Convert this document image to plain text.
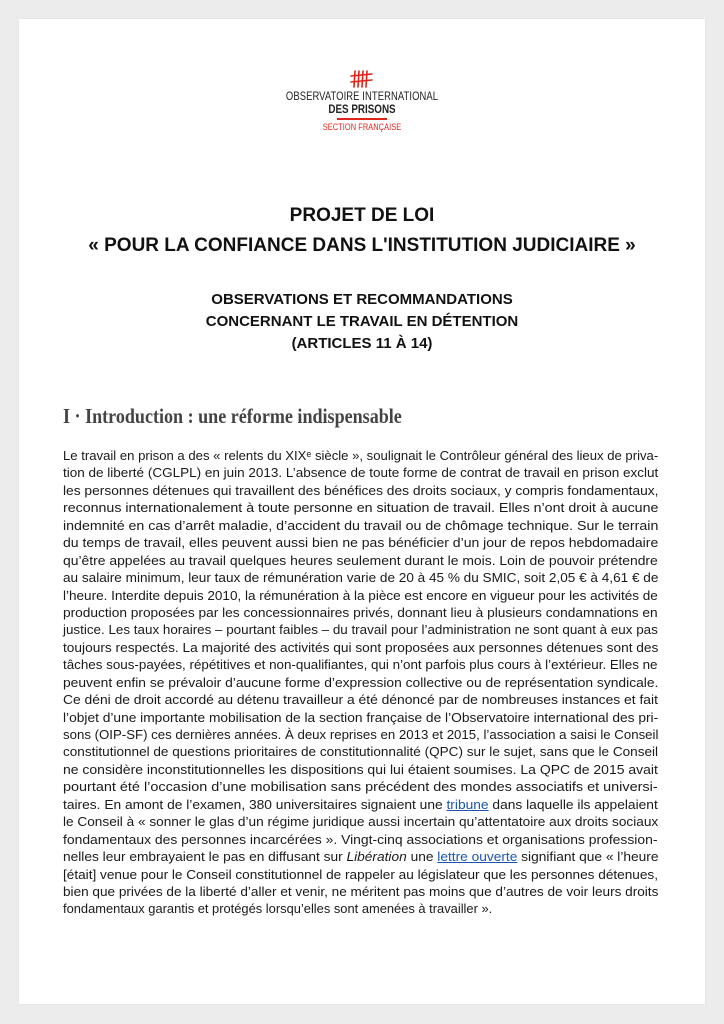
OBSERVATOIRE INTERNATIONAL
DES PRISONS
SECTION FRANÇAISE
PROJET DE LOI
« POUR LA CONFIANCE DANS L'INSTITUTION JUDICIAIRE »
OBSERVATIONS ET RECOMMANDATIONS
CONCERNANT LE TRAVAIL EN DÉTENTION
(ARTICLES 11 À 14)
I · Introduction : une réforme indispensable
Le travail en prison a des « relents du XIXᵉ siècle », soulignait le Contrôleur général des lieux de priva-
tion de liberté (CGLPL) en juin 2013. L’absence de toute forme de contrat de travail en prison exclut
les personnes détenues qui travaillent des bénéfices des droits sociaux, y compris fondamentaux,
reconnus internationalement à toute personne en situation de travail. Elles n’ont droit à aucune
indemnité en cas d’arrêt maladie, d’accident du travail ou de chômage technique. Sur le terrain
du temps de travail, elles peuvent aussi bien ne pas bénéficier d’un jour de repos hebdomadaire
qu’être appelées au travail quelques heures seulement durant le mois. Loin de pouvoir prétendre
au salaire minimum, leur taux de rémunération varie de 20 à 45 % du SMIC, soit 2,05 € à 4,61 € de
l’heure. Interdite depuis 2010, la rémunération à la pièce est encore en vigueur pour les activités de
production proposées par les concessionnaires privés, donnant lieu à plusieurs condamnations en
justice. Les taux horaires – pourtant faibles – du travail pour l’administration ne sont quant à eux pas
toujours respectés. La majorité des activités qui sont proposées aux personnes détenues sont des
tâches sous-payées, répétitives et non-qualifiantes, qui n’ont parfois plus cours à l’extérieur. Elles ne
peuvent enfin se prévaloir d’aucune forme d’expression collective ou de représentation syndicale.
Ce déni de droit accordé au détenu travailleur a été dénoncé par de nombreuses instances et fait
l’objet d’une importante mobilisation de la section française de l’Observatoire international des pri-
sons (OIP-SF) ces dernières années. À deux reprises en 2013 et 2015, l’association a saisi le Conseil
constitutionnel de questions prioritaires de constitutionnalité (QPC) sur le sujet, sans que le Conseil
ne considère inconstitutionnelles les dispositions qui lui étaient soumises. La QPC de 2015 avait
pourtant été l’occasion d’une mobilisation sans précédent des mondes associatifs et universi-
taires. En amont de l’examen, 380 universitaires signaient une tribune dans laquelle ils appelaient
le Conseil à « sonner le glas d’un régime juridique aussi incertain qu’attentatoire aux droits sociaux
fondamentaux des personnes incarcérées ». Vingt-cinq associations et organisations profession-
nelles leur embrayaient le pas en diffusant sur Libération une lettre ouverte signifiant que « l’heure
[était] venue pour le Conseil constitutionnel de rappeler au législateur que les personnes détenues,
bien que privées de la liberté d’aller et venir, ne méritent pas moins que d’autres de voir leurs droits
fondamentaux garantis et protégés lorsqu’elles sont amenées à travailler ».
